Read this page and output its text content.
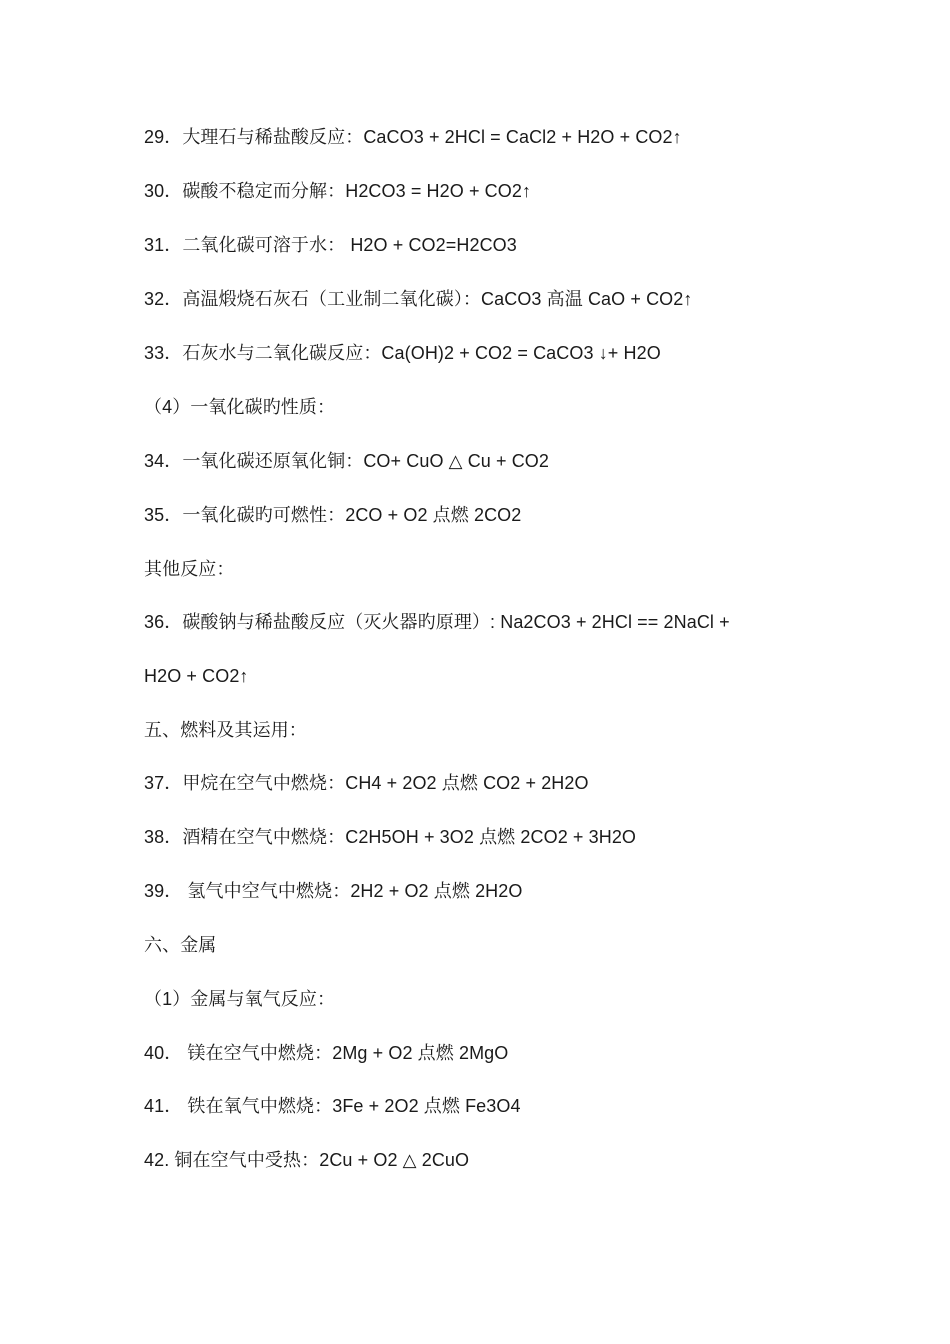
29．大理石与稀盐酸反应：CaCO3 + 2HCl = CaCl2 + H2O + CO2↑
30．碳酸不稳定而分解：H2CO3 = H2O + CO2↑
31．二氧化碳可溶于水： H2O + CO2=H2CO3
32．高温煅烧石灰石（工业制二氧化碳）：CaCO3 高温 CaO + CO2↑
33．石灰水与二氧化碳反应：Ca(OH)2 + CO2 = CaCO3 ↓+ H2O
（4）一氧化碳旳性质：
34．一氧化碳还原氧化铜：CO+ CuO △ Cu + CO2
35．一氧化碳旳可燃性：2CO + O2 点燃 2CO2
其他反应：
36．碳酸钠与稀盐酸反应（灭火器旳原理）: Na2CO3 + 2HCl == 2NaCl +
H2O + CO2↑
五、燃料及其运用：
37．甲烷在空气中燃烧：CH4 + 2O2 点燃 CO2 + 2H2O
38．酒精在空气中燃烧：C2H5OH + 3O2 点燃 2CO2 + 3H2O
39． 氢气中空气中燃烧：2H2 + O2 点燃 2H2O
六、金属
（1）金属与氧气反应：
40． 镁在空气中燃烧：2Mg + O2 点燃 2MgO
41． 铁在氧气中燃烧：3Fe + 2O2 点燃 Fe3O4
42. 铜在空气中受热：2Cu + O2 △ 2CuO
